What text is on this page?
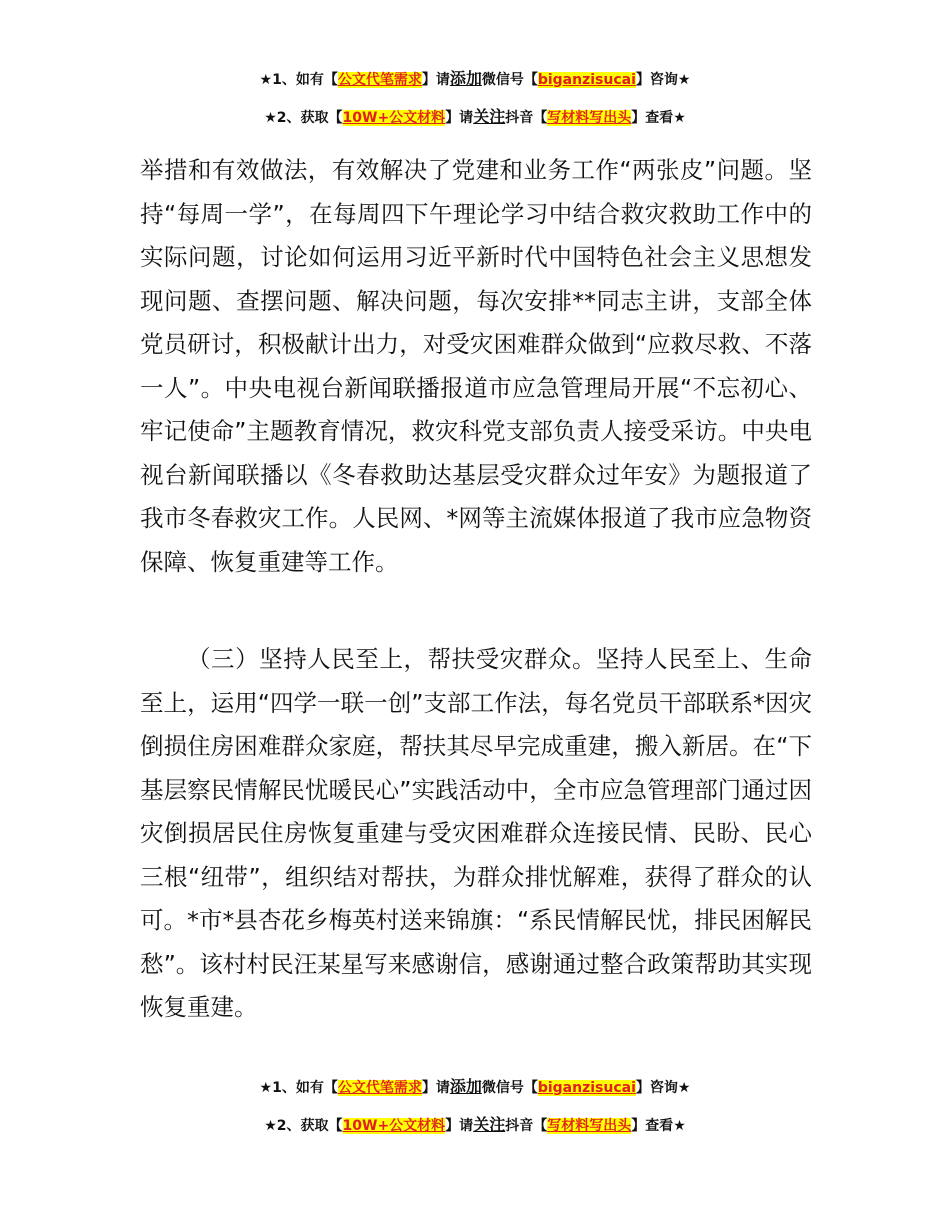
★1、如有【公文代笔需求】请添加微信号【biganzisucai】咨询★
★2、获取【10W+公文材料】请关注抖音【写材料写出头】查看★

举措和有效做法，有效解决了党建和业务工作“两张皮”问题。坚持“每周一学”，在每周四下午理论学习中结合救灾救助工作中的实际问题，讨论如何运用习近平新时代中国特色社会主义思想发现问题、查摆问题、解决问题，每次安排**同志主讲，支部全体党员研讨，积极献计出力，对受灾困难群众做到“应救尽救、不落一人”。中央电视台新闻联播报道市应急管理局开展“不忘初心、牢记使命”主题教育情况，救灾科党支部负责人接受采访。中央电视台新闻联播以《冬春救助达基层受灾群众过年安》为题报道了我市冬春救灾工作。人民网、*网等主流媒体报道了我市应急物资保障、恢复重建等工作。

（三）坚持人民至上，帮扶受灾群众。坚持人民至上、生命至上，运用“四学一联一创”支部工作法，每名党员干部联系*因灾倒损住房困难群众家庭，帮扶其尽早完成重建，搬入新居。在“下基层察民情解民忧暖民心”实践活动中，全市应急管理部门通过因灾倒损居民住房恢复重建与受灾困难群众连接民情、民盼、民心三根“纽带”，组织结对帮扶，为群众排忧解难，获得了群众的认可。*市*县杏花乡梅英村送来锦旗：“系民情解民忧，排民困解民愁”。该村村民汪某星写来感谢信，感谢通过整合政策帮助其实现恢复重建。

★1、如有【公文代笔需求】请添加微信号【biganzisucai】咨询★
★2、获取【10W+公文材料】请关注抖音【写材料写出头】查看★
